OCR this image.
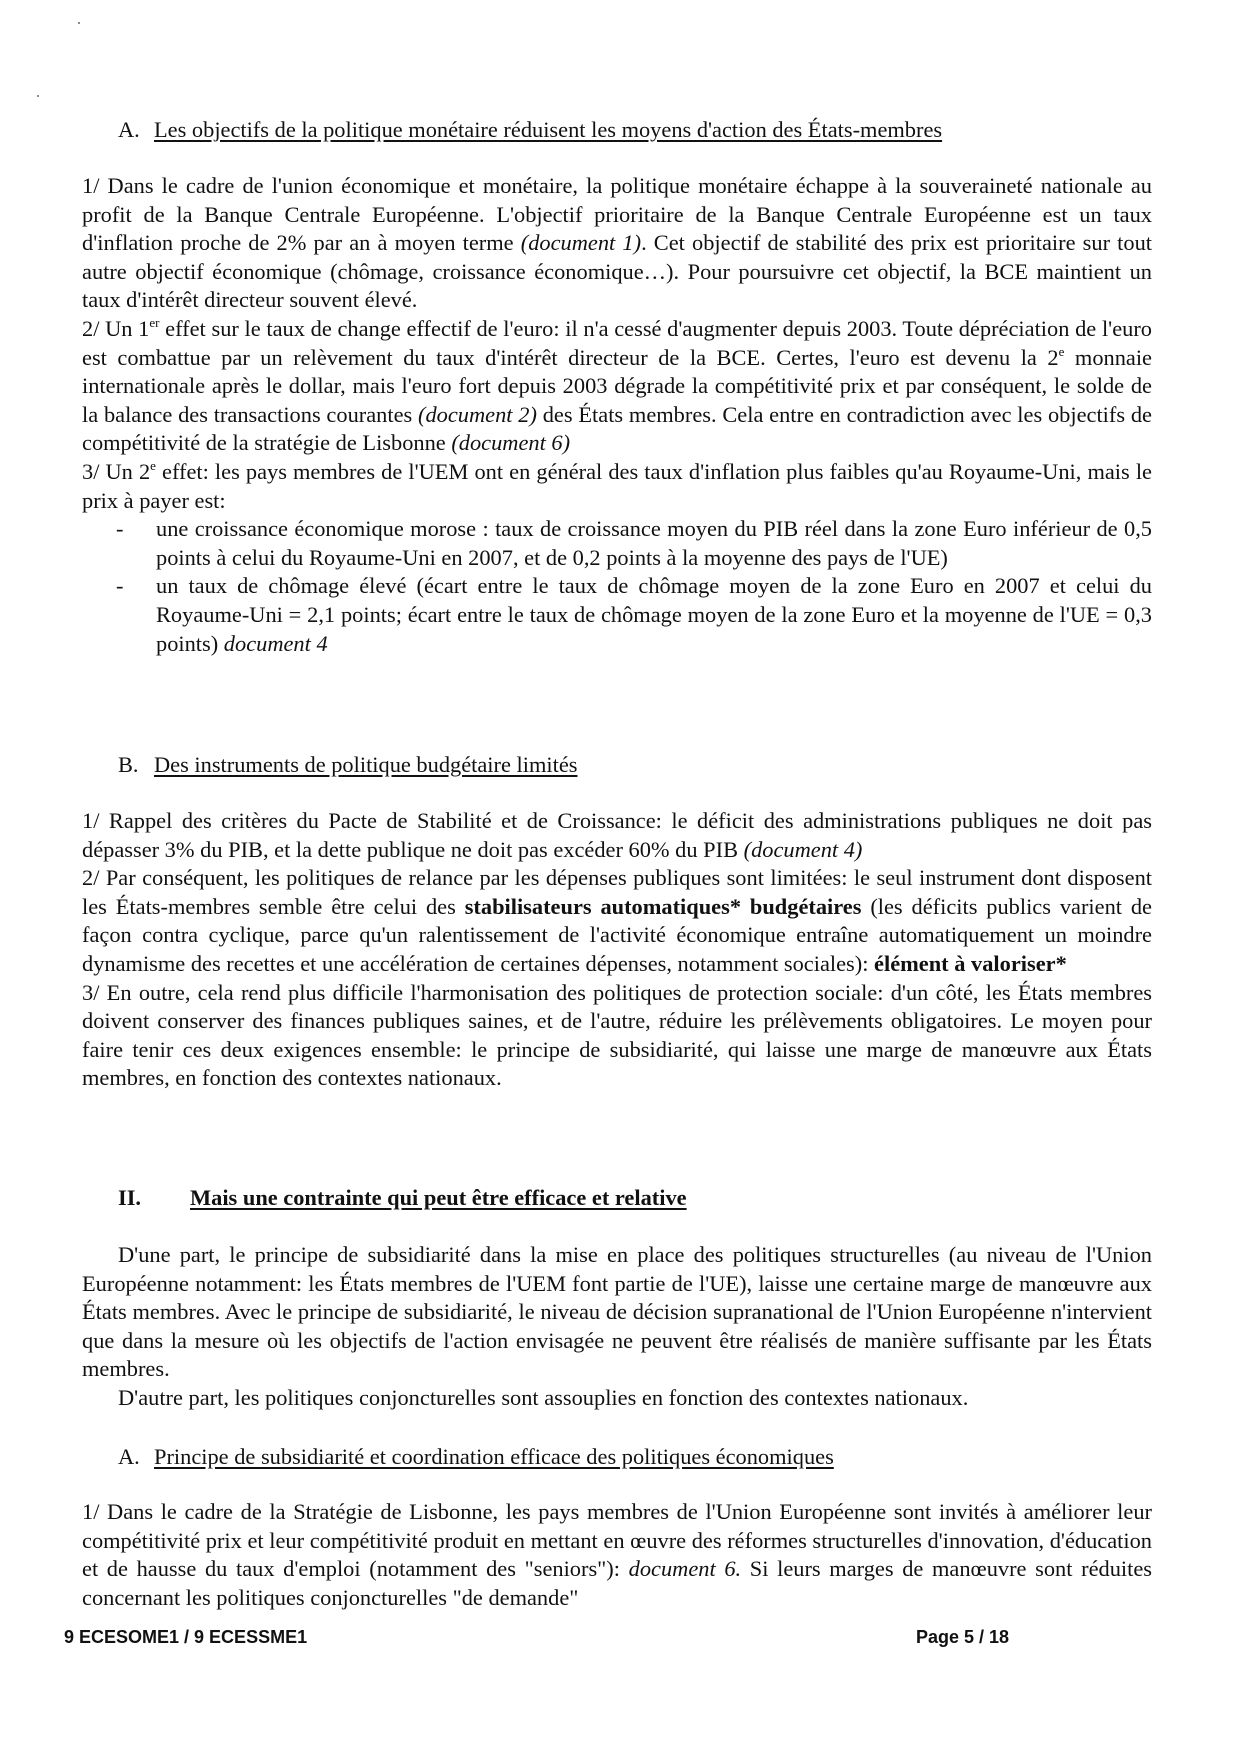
A. Les objectifs de la politique monétaire réduisent les moyens d'action des États-membres

1/ Dans le cadre de l'union économique et monétaire, la politique monétaire échappe à la souveraineté nationale au profit de la Banque Centrale Européenne. L'objectif prioritaire de la Banque Centrale Européenne est un taux d'inflation proche de 2% par an à moyen terme (document 1). Cet objectif de stabilité des prix est prioritaire sur tout autre objectif économique (chômage, croissance économique…). Pour poursuivre cet objectif, la BCE maintient un taux d'intérêt directeur souvent élevé.

2/ Un 1er effet sur le taux de change effectif de l'euro: il n'a cessé d'augmenter depuis 2003. Toute dépréciation de l'euro est combattue par un relèvement du taux d'intérêt directeur de la BCE. Certes, l'euro est devenu la 2e monnaie internationale après le dollar, mais l'euro fort depuis 2003 dégrade la compétitivité prix et par conséquent, le solde de la balance des transactions courantes (document 2) des États membres. Cela entre en contradiction avec les objectifs de compétitivité de la stratégie de Lisbonne (document 6)

3/ Un 2e effet: les pays membres de l'UEM ont en général des taux d'inflation plus faibles qu'au Royaume-Uni, mais le prix à payer est:

- une croissance économique morose : taux de croissance moyen du PIB réel dans la zone Euro inférieur de 0,5 points à celui du Royaume-Uni en 2007, et de 0,2 points à la moyenne des pays de l'UE)
- un taux de chômage élevé (écart entre le taux de chômage moyen de la zone Euro en 2007 et celui du Royaume-Uni = 2,1 points; écart entre le taux de chômage moyen de la zone Euro et la moyenne de l'UE = 0,3 points) document 4
B. Des instruments de politique budgétaire limités

1/ Rappel des critères du Pacte de Stabilité et de Croissance: le déficit des administrations publiques ne doit pas dépasser 3% du PIB, et la dette publique ne doit pas excéder 60% du PIB (document 4)

2/ Par conséquent, les politiques de relance par les dépenses publiques sont limitées: le seul instrument dont disposent les États-membres semble être celui des stabilisateurs automatiques* budgétaires (les déficits publics varient de façon contra cyclique, parce qu'un ralentissement de l'activité économique entraîne automatiquement un moindre dynamisme des recettes et une accélération de certaines dépenses, notamment sociales): élément à valoriser*

3/ En outre, cela rend plus difficile l'harmonisation des politiques de protection sociale: d'un côté, les États membres doivent conserver des finances publiques saines, et de l'autre, réduire les prélèvements obligatoires. Le moyen pour faire tenir ces deux exigences ensemble: le principe de subsidiarité, qui laisse une marge de manœuvre aux États membres, en fonction des contextes nationaux.

II. Mais une contrainte qui peut être efficace et relative

D'une part, le principe de subsidiarité dans la mise en place des politiques structurelles (au niveau de l'Union Européenne notamment: les États membres de l'UEM font partie de l'UE), laisse une certaine marge de manœuvre aux États membres. Avec le principe de subsidiarité, le niveau de décision supranational de l'Union Européenne n'intervient que dans la mesure où les objectifs de l'action envisagée ne peuvent être réalisés de manière suffisante par les États membres.

D'autre part, les politiques conjoncturelles sont assouplies en fonction des contextes nationaux.

A. Principe de subsidiarité et coordination efficace des politiques économiques

1/ Dans le cadre de la Stratégie de Lisbonne, les pays membres de l'Union Européenne sont invités à améliorer leur compétitivité prix et leur compétitivité produit en mettant en œuvre des réformes structurelles d'innovation, d'éducation et de hausse du taux d'emploi (notamment des "seniors"): document 6. Si leurs marges de manœuvre sont réduites concernant les politiques conjoncturelles "de demande"

9 ECESOME1 / 9 ECESSME1	Page 5 / 18
